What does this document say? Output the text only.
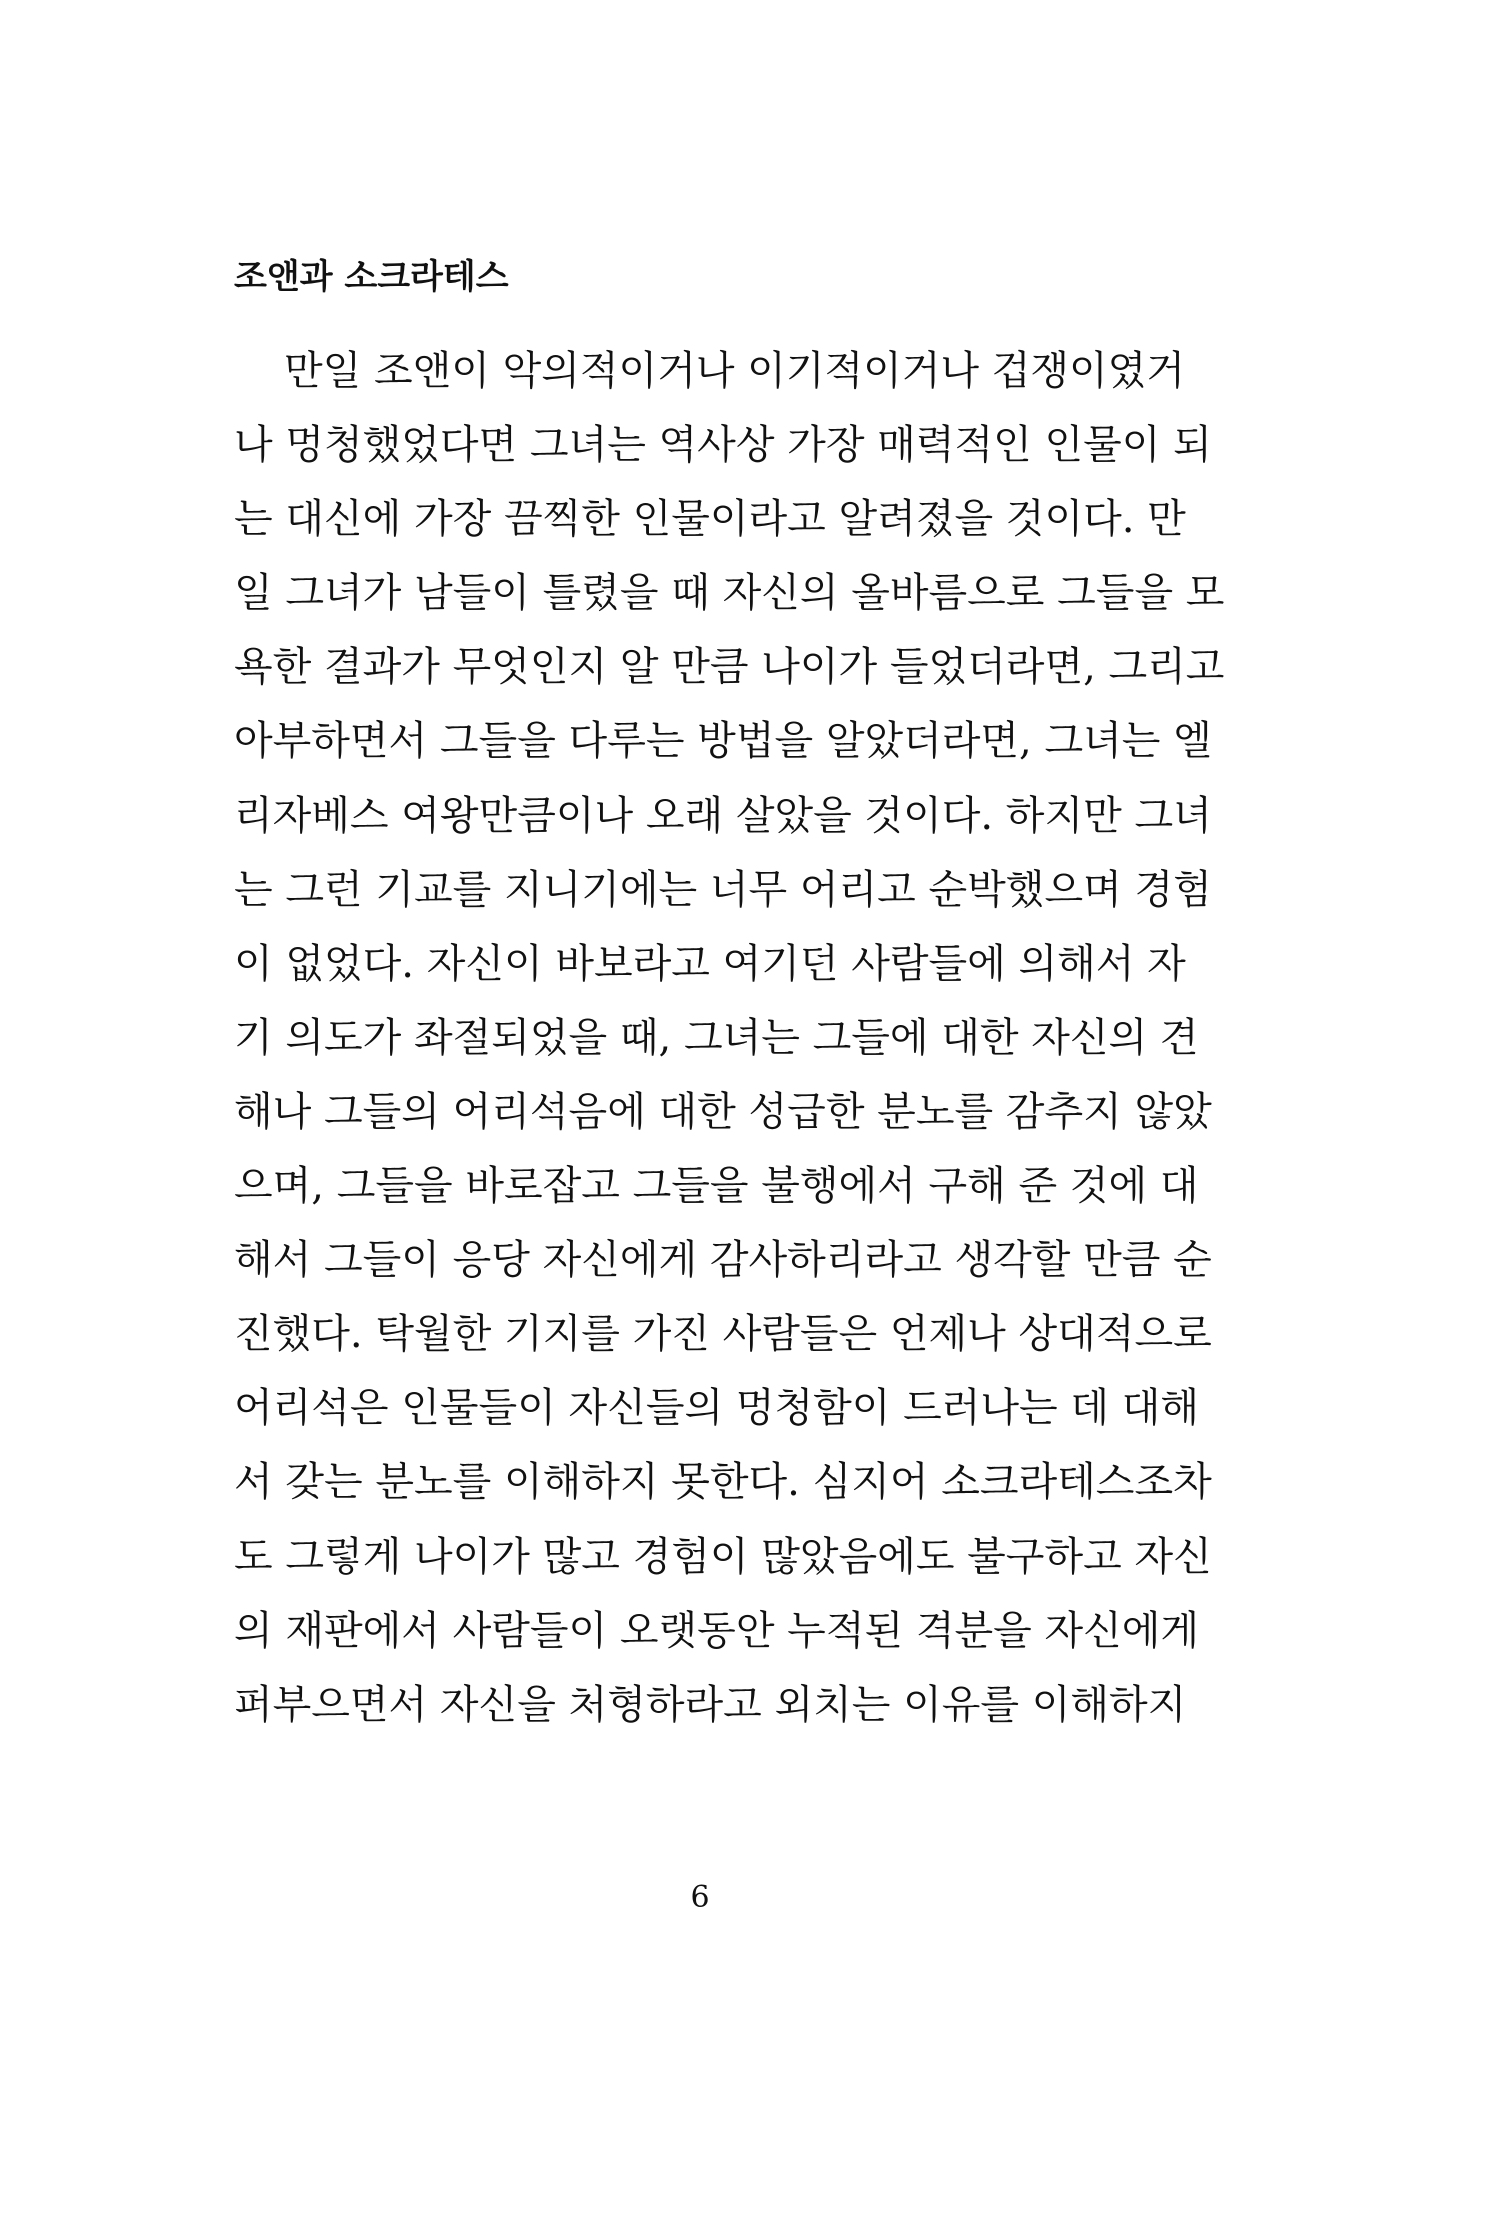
조앤과 소크라테스
만일 조앤이 악의적이거나 이기적이거나 겁쟁이였거
나 멍청했었다면 그녀는 역사상 가장 매력적인 인물이 되
는 대신에 가장 끔찍한 인물이라고 알려졌을 것이다. 만
일 그녀가 남들이 틀렸을 때 자신의 올바름으로 그들을 모
욕한 결과가 무엇인지 알 만큼 나이가 들었더라면, 그리고
아부하면서 그들을 다루는 방법을 알았더라면, 그녀는 엘
리자베스 여왕만큼이나 오래 살았을 것이다. 하지만 그녀
는 그런 기교를 지니기에는 너무 어리고 순박했으며 경험
이 없었다. 자신이 바보라고 여기던 사람들에 의해서 자
기 의도가 좌절되었을 때, 그녀는 그들에 대한 자신의 견
해나 그들의 어리석음에 대한 성급한 분노를 감추지 않았
으며, 그들을 바로잡고 그들을 불행에서 구해 준 것에 대
해서 그들이 응당 자신에게 감사하리라고 생각할 만큼 순
진했다. 탁월한 기지를 가진 사람들은 언제나 상대적으로
어리석은 인물들이 자신들의 멍청함이 드러나는 데 대해
서 갖는 분노를 이해하지 못한다. 심지어 소크라테스조차
도 그렇게 나이가 많고 경험이 많았음에도 불구하고 자신
의 재판에서 사람들이 오랫동안 누적된 격분을 자신에게
퍼부으면서 자신을 처형하라고 외치는 이유를 이해하지
6
